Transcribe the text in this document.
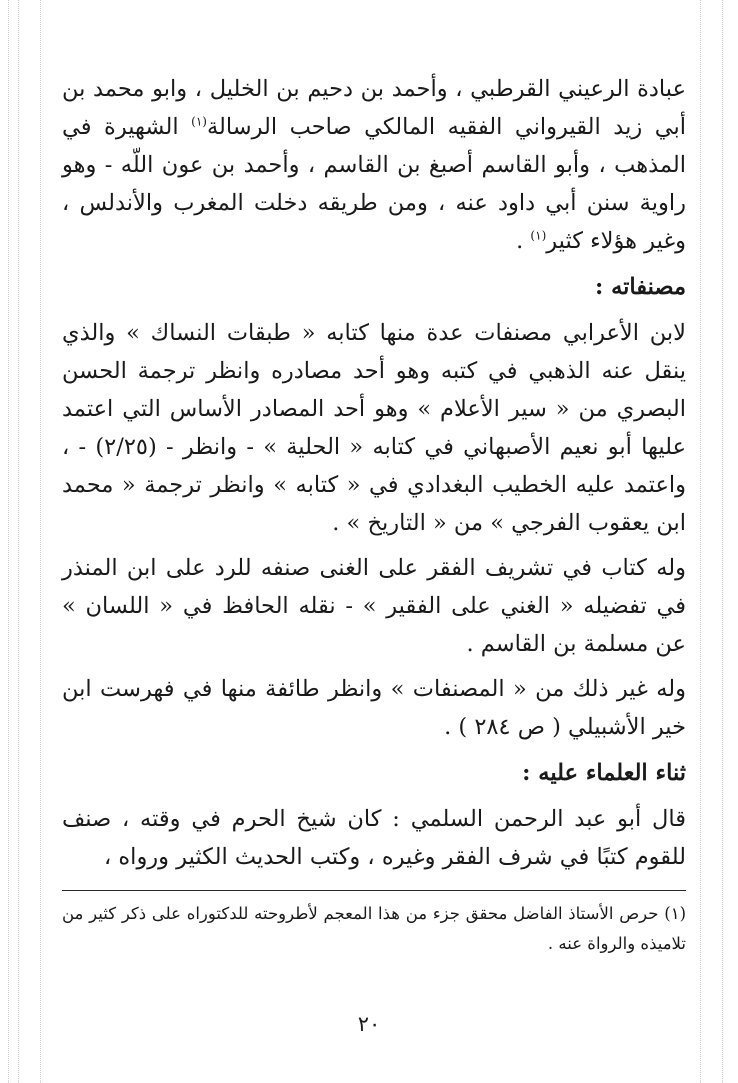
عبادة الرعيني القرطبي ، وأحمد بن دحيم بن الخليل ، وابو محمد بن أبي زيد القيرواني الفقيه المالكي صاحب الرسالة$^{(١)}$ الشهيرة في المذهب ، وأبو القاسم أصبغ بن القاسم ، وأحمد بن عون اللّه - وهو راوية سنن أبي داود عنه ، ومن طريقه دخلت المغرب والأندلس ، وغير هؤلاء كثير$^{(١)}$ .

مصنفاته :

لابن الأعرابي مصنفات عدة منها كتابه « طبقات النساك » والذي ينقل عنه الذهبي في كتبه وهو أحد مصادره وانظر ترجمة الحسن البصري من « سير الأعلام » وهو أحد المصادر الأساس التي اعتمد عليها أبو نعيم الأصبهاني في كتابه « الحلية » - وانظر - (٢/٢٥) - ، واعتمد عليه الخطيب البغدادي في « كتابه » وانظر ترجمة « محمد ابن يعقوب الفرجي » من « التاريخ » .

وله كتاب في تشريف الفقر على الغنى صنفه للرد على ابن المنذر في تفضيله « الغني على الفقير » - نقله الحافظ في « اللسان » عن مسلمة بن القاسم .

وله غير ذلك من « المصنفات » وانظر طائفة منها في فهرست ابن خير الأشبيلي ( ص ٢٨٤ ) .

ثناء العلماء عليه :

قال أبو عبد الرحمن السلمي : كان شيخ الحرم في وقته ، صنف للقوم كتبًا في شرف الفقر وغيره ، وكتب الحديث الكثير ورواه ،

(١) حرص الأستاذ الفاضل محقق جزء من هذا المعجم لأطروحته للدكتوراه على ذكر كثير من تلاميذه والرواة عنه .

٢٠
